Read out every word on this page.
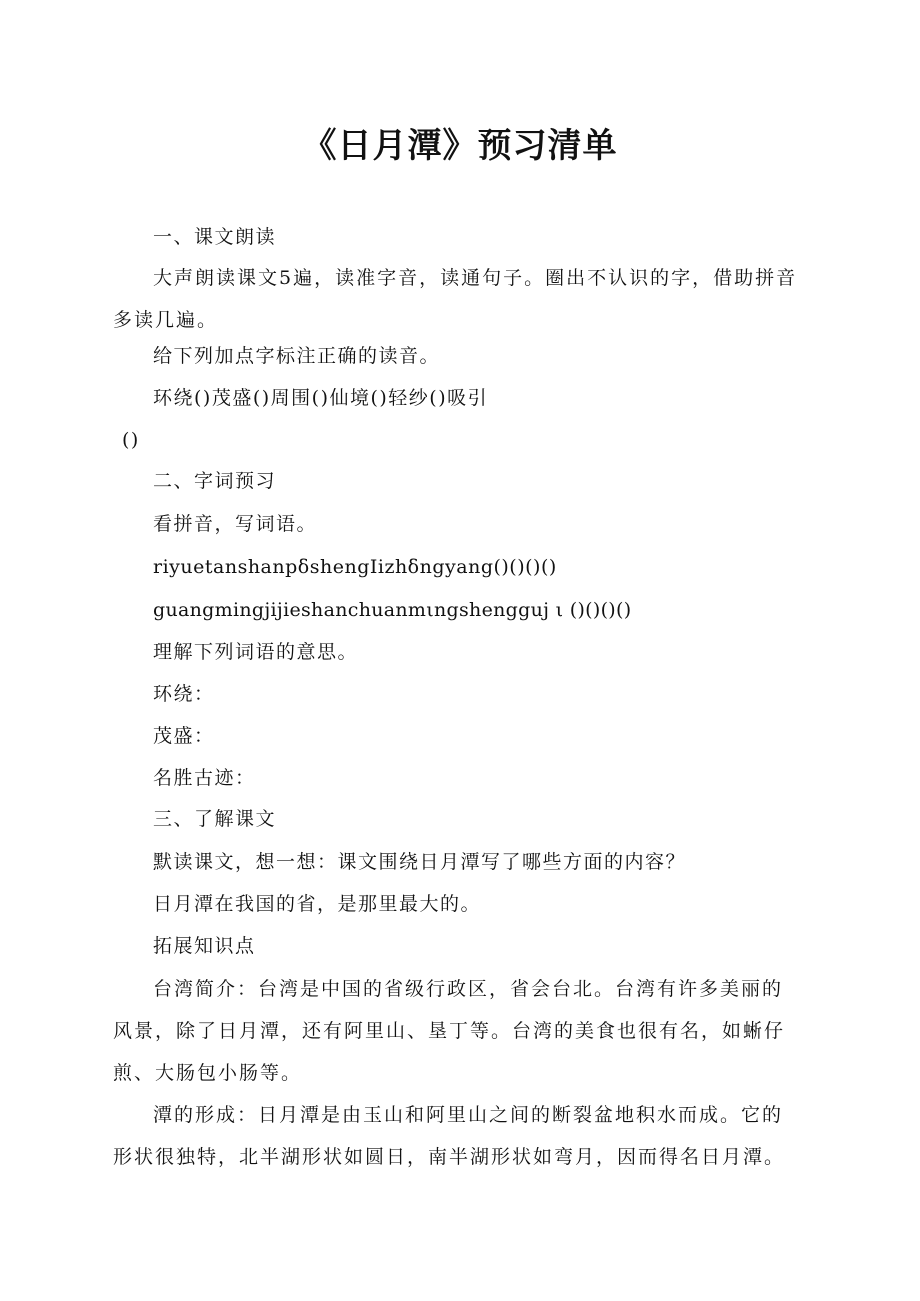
《日月潭》预习清单
一、课文朗读
大声朗读课文5遍，读准字音，读通句子。圈出不认识的字，借助拼音多读几遍。
给下列加点字标注正确的读音。
环绕()茂盛()周围()仙境()轻纱()吸引
()
二、字词预习
看拼音，写词语。
riyuetanshanpδshengIizhδngyang()()()()
guangmingjijieshanchuanmιngshengguj ι ()()()()
理解下列词语的意思。
环绕：
茂盛：
名胜古迹：
三、了解课文
默读课文，想一想：课文围绕日月潭写了哪些方面的内容？
日月潭在我国的省，是那里最大的。
拓展知识点
台湾简介：台湾是中国的省级行政区，省会台北。台湾有许多美丽的风景，除了日月潭，还有阿里山、垦丁等。台湾的美食也很有名，如蜥仔煎、大肠包小肠等。
潭的形成：日月潭是由玉山和阿里山之间的断裂盆地积水而成。它的形状很独特，北半湖形状如圆日，南半湖形状如弯月，因而得名日月潭。
